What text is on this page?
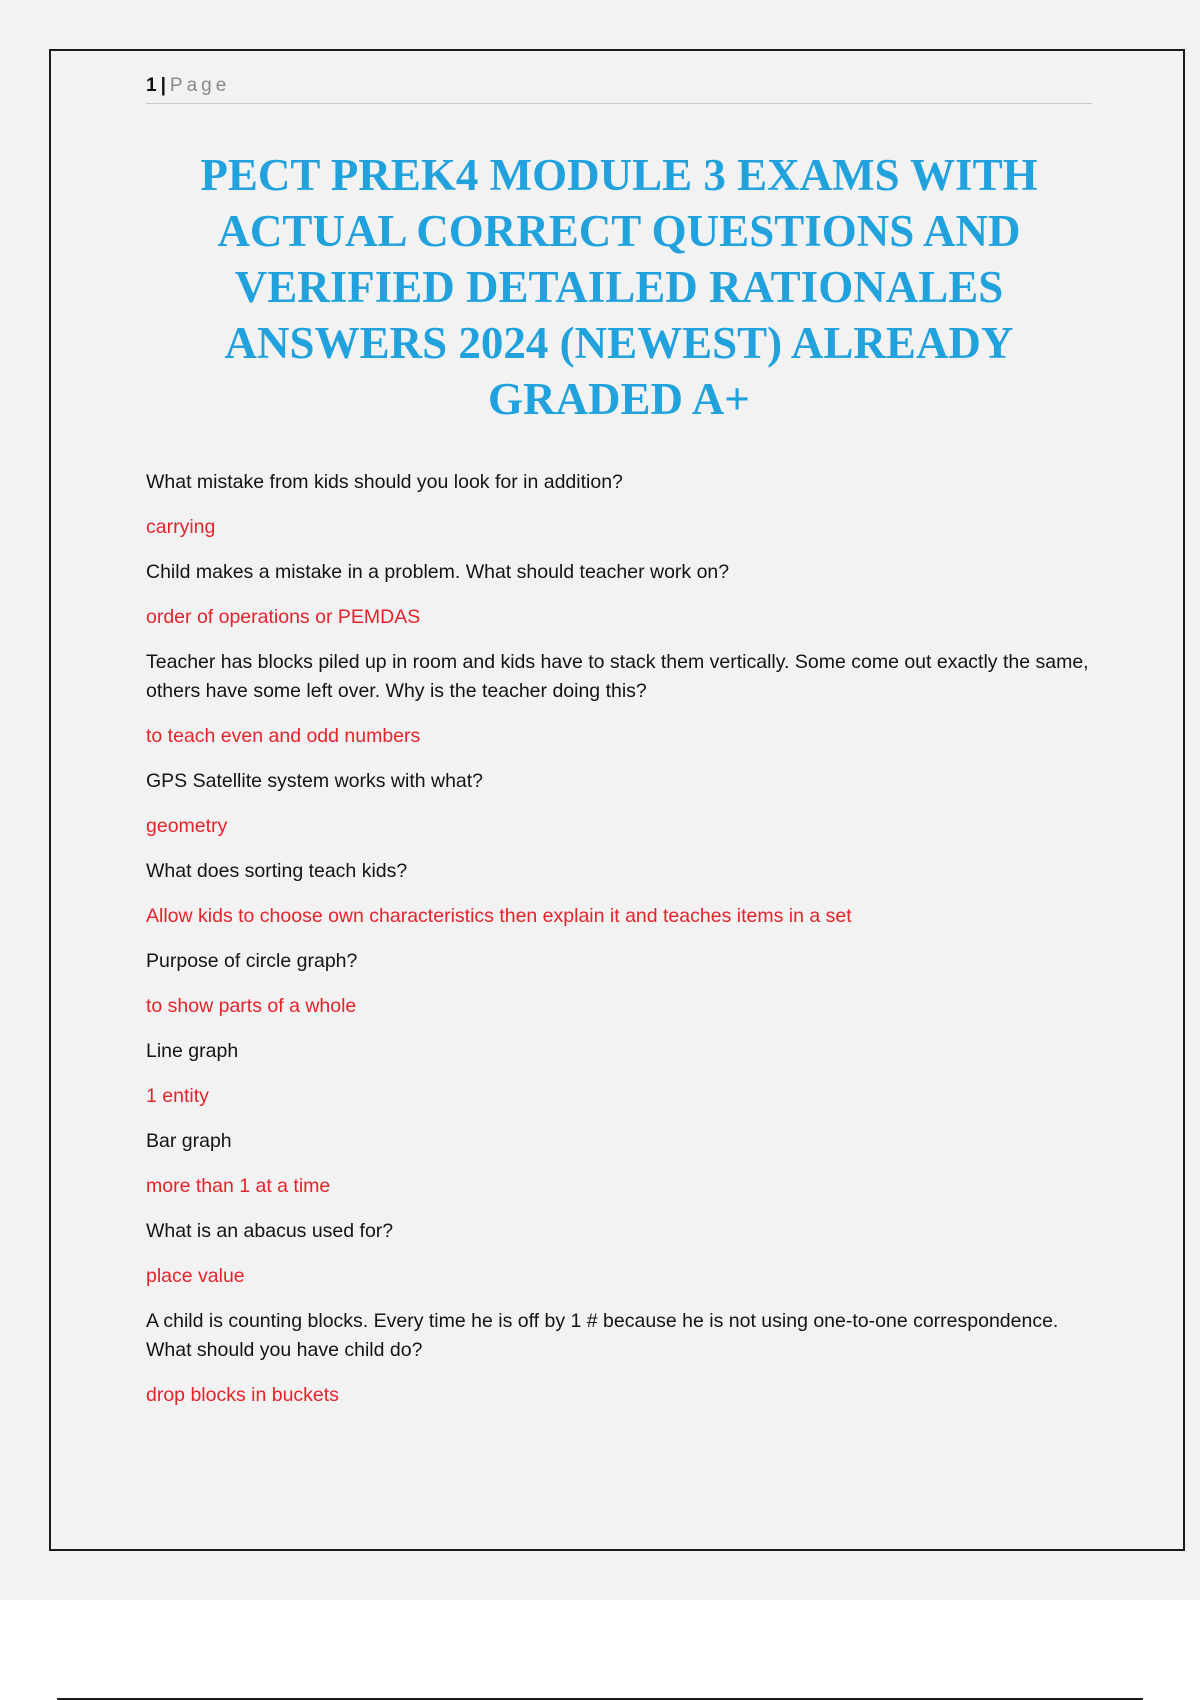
1 | Page
PECT PREK4 MODULE 3 EXAMS WITH ACTUAL CORRECT QUESTIONS AND VERIFIED DETAILED RATIONALES ANSWERS 2024 (NEWEST) ALREADY GRADED A+

What mistake from kids should you look for in addition?

carrying

Child makes a mistake in a problem. What should teacher work on?

order of operations or PEMDAS

Teacher has blocks piled up in room and kids have to stack them vertically. Some come out exactly the same, others have some left over. Why is the teacher doing this?

to teach even and odd numbers

GPS Satellite system works with what?

geometry

What does sorting teach kids?

Allow kids to choose own characteristics then explain it and teaches items in a set

Purpose of circle graph?

to show parts of a whole

Line graph

1 entity

Bar graph

more than 1 at a time

What is an abacus used for?

place value

A child is counting blocks. Every time he is off by 1 # because he is not using one-to-one correspondence. What should you have child do?

drop blocks in buckets
